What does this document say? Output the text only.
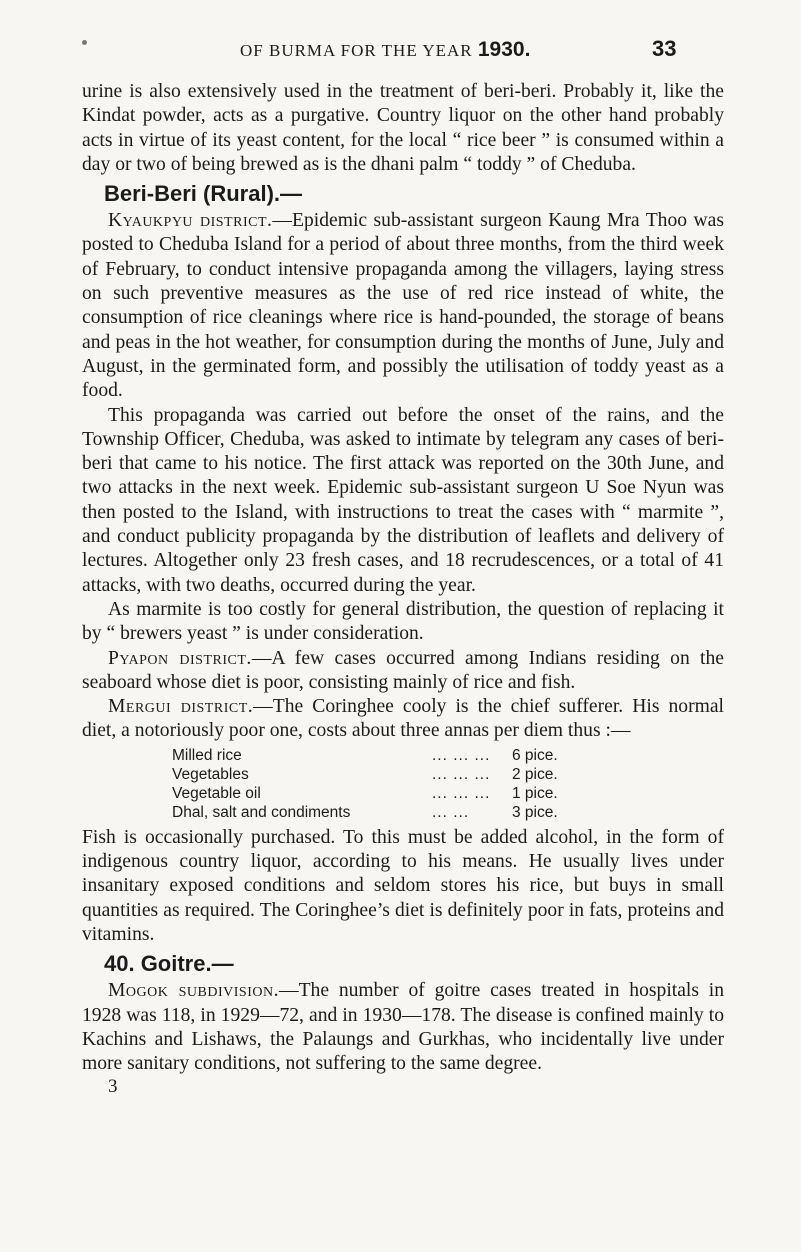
OF BURMA FOR THE YEAR 1930.	33

urine is also extensively used in the treatment of beri-beri. Probably it, like the Kindat powder, acts as a purgative. Country liquor on the other hand probably acts in virtue of its yeast content, for the local “ rice beer ” is consumed within a day or two of being brewed as is the dhani palm “ toddy ” of Cheduba.

Beri-Beri (Rural).—

Kyaukpyu district.—Epidemic sub-assistant surgeon Kaung Mra Thoo was posted to Cheduba Island for a period of about three months, from the third week of February, to conduct intensive propaganda among the villagers, laying stress on such preventive measures as the use of red rice instead of white, the consumption of rice cleanings where rice is hand-pounded, the storage of beans and peas in the hot weather, for consumption during the months of June, July and August, in the germinated form, and possibly the utilisation of toddy yeast as a food.

This propaganda was carried out before the onset of the rains, and the Township Officer, Cheduba, was asked to intimate by telegram any cases of beri-beri that came to his notice. The first attack was reported on the 30th June, and two attacks in the next week. Epidemic sub-assistant surgeon U Soe Nyun was then posted to the Island, with instructions to treat the cases with “ marmite ”, and conduct publicity propaganda by the distribution of leaflets and delivery of lectures. Altogether only 23 fresh cases, and 18 recrudescences, or a total of 41 attacks, with two deaths, occurred during the year.

As marmite is too costly for general distribution, the question of replacing it by “ brewers yeast ” is under consideration.

Pyapon district.—A few cases occurred among Indians residing on the seaboard whose diet is poor, consisting mainly of rice and fish.

Mergui district.—The Coringhee cooly is the chief sufferer. His normal diet, a notoriously poor one, costs about three annas per diem thus :—

Milled rice	... ... ...	6 pice.
Vegetables	... ... ...	2 pice.
Vegetable oil	... ... ...	1 pice.
Dhal, salt and condiments	... ...	3 pice.

Fish is occasionally purchased. To this must be added alcohol, in the form of indigenous country liquor, according to his means. He usually lives under insanitary exposed conditions and seldom stores his rice, but buys in small quantities as required. The Coringhee’s diet is definitely poor in fats, proteins and vitamins.

40. Goitre.—

Mogok subdivision.—The number of goitre cases treated in hospitals in 1928 was 118, in 1929—72, and in 1930—178. The disease is confined mainly to Kachins and Lishaws, the Palaungs and Gurkhas, who incidentally live under more sanitary conditions, not suffering to the same degree.

3
